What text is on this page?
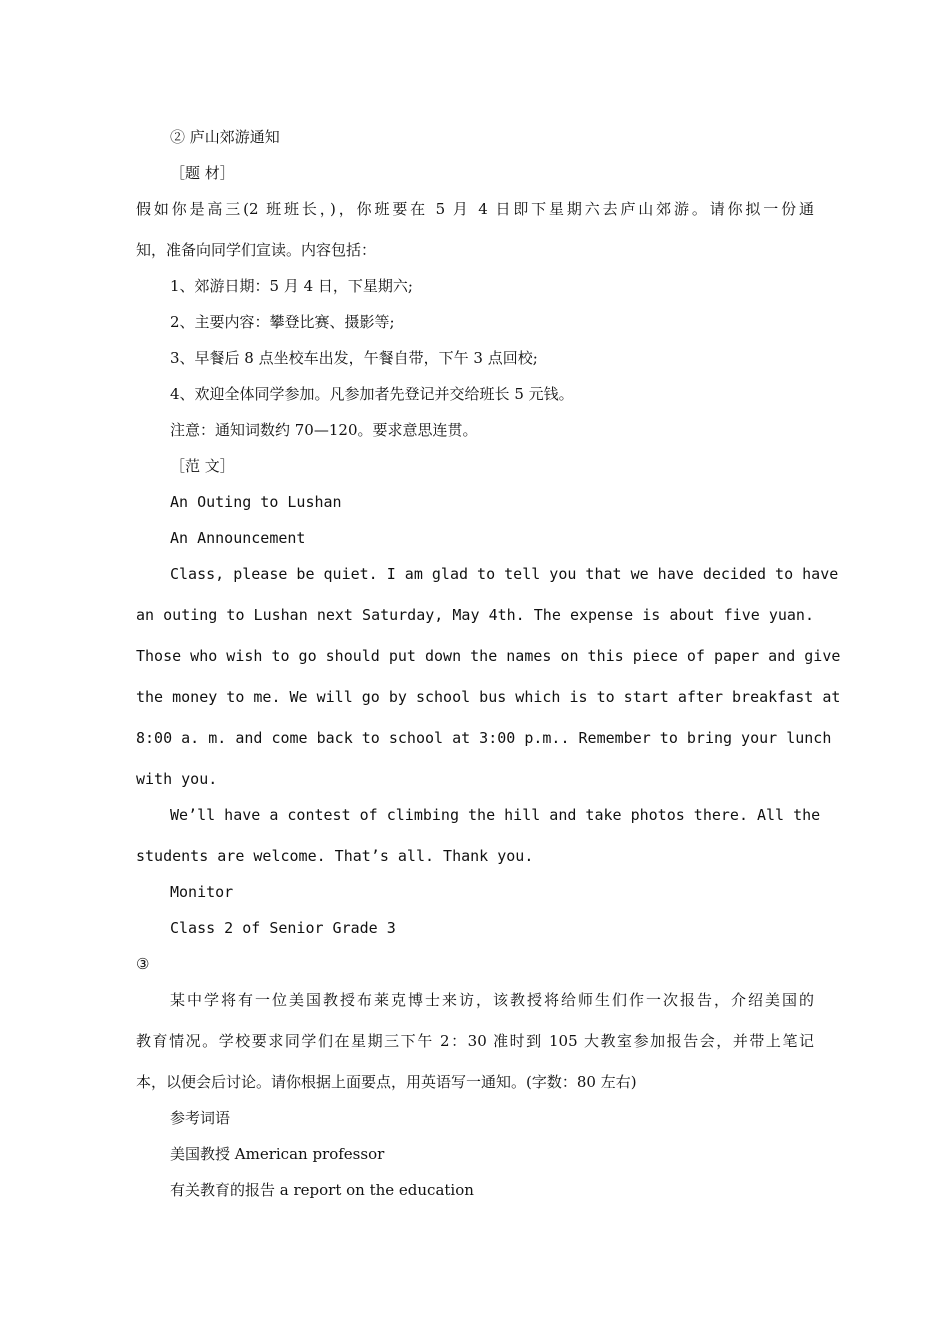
② 庐山郊游通知
［题 材］
假如你是高三(2 班班长，)，你班要在 5 月 4 日即下星期六去庐山郊游。请你拟一份通
知，准备向同学们宣读。内容包括：
1、郊游日期：5 月 4 日，下星期六;
2、主要内容：攀登比赛、摄影等;
3、早餐后 8 点坐校车出发，午餐自带，下午 3 点回校;
4、欢迎全体同学参加。凡参加者先登记并交给班长 5 元钱。
注意：通知词数约 70—120。要求意思连贯。
［范 文］
An Outing to Lushan
An Announcement
Class, please be quiet. I am glad to tell you that we have decided to have
an outing to Lushan next Saturday, May 4th. The expense is about five yuan.
Those who wish to go should put down the names on this piece of paper and give
the money to me. We will go by school bus which is to start after breakfast at
8:00 a. m. and come back to school at 3:00 p.m.. Remember to bring your lunch
with you.
We’ll have a contest of climbing the hill and take photos there. All the
students are welcome. That’s all. Thank you.
Monitor
Class 2 of Senior Grade 3
③
某中学将有一位美国教授布莱克博士来访，该教授将给师生们作一次报告，介绍美国的
教育情况。学校要求同学们在星期三下午 2：30 准时到 105 大教室参加报告会，并带上笔记
本，以便会后讨论。请你根据上面要点，用英语写一通知。(字数：80 左右)
参考词语
美国教授 American professor
有关教育的报告 a report on the education
